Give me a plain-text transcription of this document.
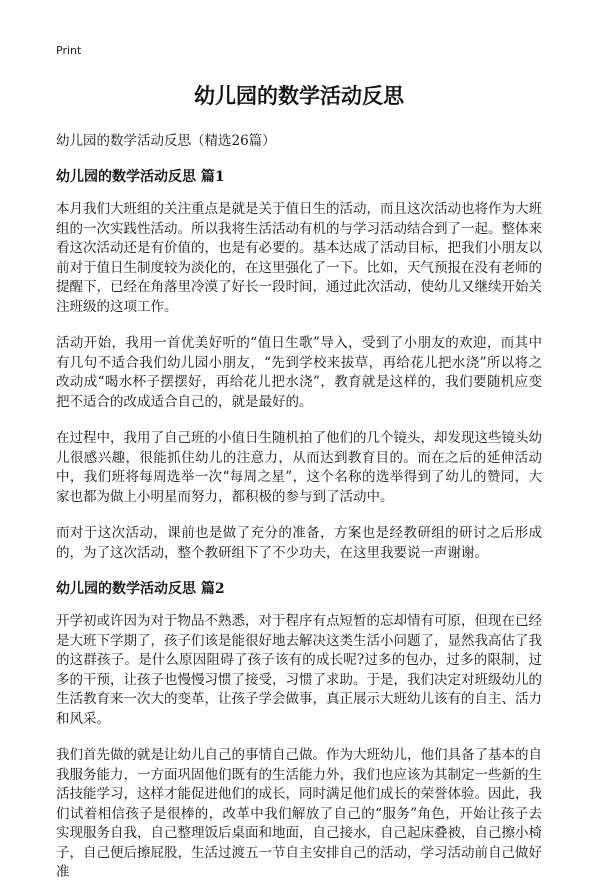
Print
幼儿园的数学活动反思
幼儿园的数学活动反思（精选26篇）
幼儿园的数学活动反思 篇1

本月我们大班组的关注重点是就是关于值日生的活动，而且这次活动也将作为大班组的一次实践性活动。所以我将生活活动有机的与学习活动结合到了一起。整体来看这次活动还是有价值的，也是有必要的。基本达成了活动目标，把我们小朋友以前对于值日生制度较为淡化的，在这里强化了一下。比如，天气预报在没有老师的提醒下，已经在角落里冷漠了好长一段时间，通过此次活动，使幼儿又继续开始关注班级的这项工作。

活动开始，我用一首优美好听的“值日生歌”导入，受到了小朋友的欢迎，而其中有几句不适合我们幼儿园小朋友，“先到学校来拔草，再给花儿把水浇”所以将之改动成“喝水杯子摆摆好，再给花儿把水浇”，教育就是这样的，我们要随机应变把不适合的改成适合自己的，就是最好的。

在过程中，我用了自己班的小值日生随机拍了他们的几个镜头，却发现这些镜头幼儿很感兴趣，很能抓住幼儿的注意力，从而达到教育目的。而在之后的延伸活动中，我们班将每周选举一次“每周之星”，这个名称的选举得到了幼儿的赞同，大家也都为做上小明星而努力，都积极的参与到了活动中。

而对于这次活动，课前也是做了充分的准备，方案也是经教研组的研讨之后形成的，为了这次活动，整个教研组下了不少功夫，在这里我要说一声谢谢。

幼儿园的数学活动反思 篇2

开学初或许因为对于物品不熟悉，对于程序有点短暂的忘却情有可原，但现在已经是大班下学期了，孩子们该是能很好地去解决这类生活小问题了，显然我高估了我的这群孩子。是什么原因阻碍了孩子该有的成长呢?过多的包办，过多的限制，过多的干预，让孩子也慢慢习惯了接受，习惯了求助。于是，我们决定对班级幼儿的生活教育来一次大的变革，让孩子学会做事，真正展示大班幼儿该有的自主、活力和风采。

我们首先做的就是让幼儿自己的事情自己做。作为大班幼儿，他们具备了基本的自我服务能力，一方面巩固他们既有的生活能力外，我们也应该为其制定一些新的生活技能学习，这样才能促进他们的成长，同时满足他们成长的荣誉体验。因此，我们试着相信孩子是很棒的，改革中我们解放了自己的“服务”角色，开始让孩子去实现服务自我，自己整理饭后桌面和地面，自己接水，自己起床叠被，自己擦小椅子，自己便后擦屁股，生活过渡五一节自主安排自己的活动，学习活动前自己做好准
